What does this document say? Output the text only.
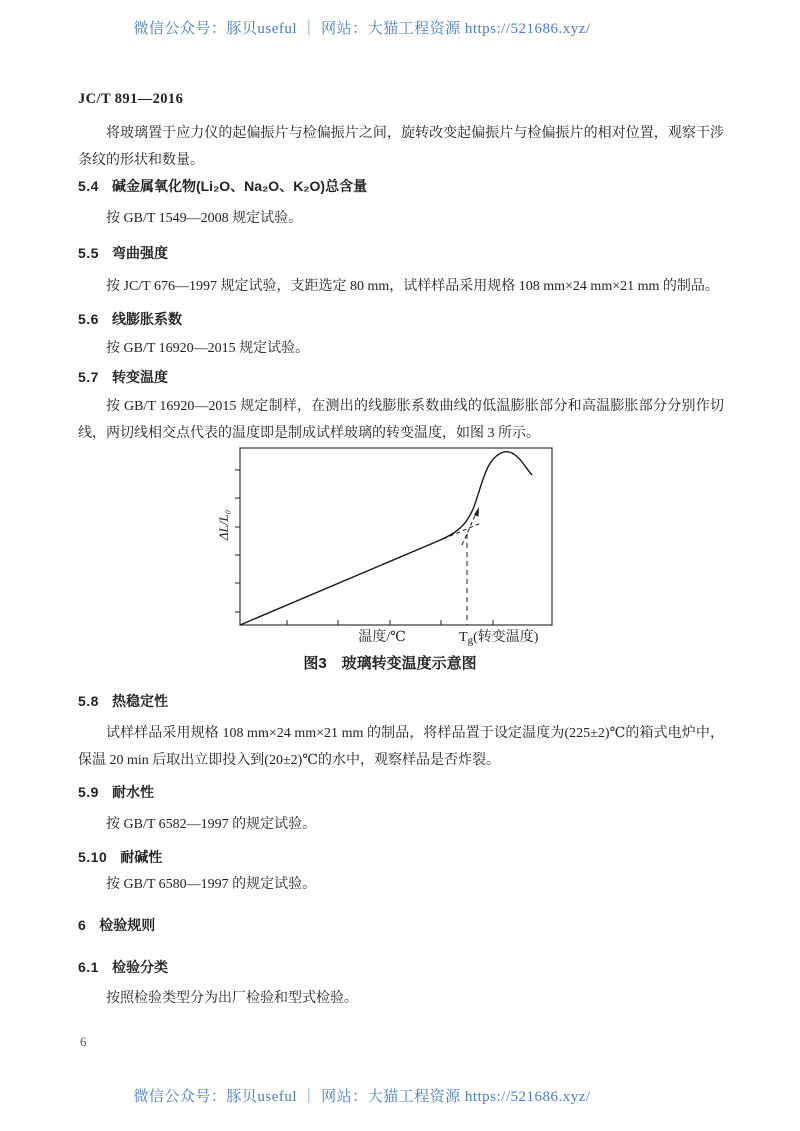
微信公众号：豚贝useful ｜ 网站：大猫工程资源 https://521686.xyz/
JC/T 891—2016
将玻璃置于应力仪的起偏振片与检偏振片之间，旋转改变起偏振片与检偏振片的相对位置，观察干涉条纹的形状和数量。
5.4 碱金属氧化物(Li₂O、Na₂O、K₂O)总含量
按 GB/T 1549—2008 规定试验。
5.5 弯曲强度
按 JC/T 676—1997 规定试验，支距选定 80 mm，试样样品采用规格 108 mm×24 mm×21 mm 的制品。
5.6 线膨胀系数
按 GB/T 16920—2015 规定试验。
5.7 转变温度
按 GB/T 16920—2015 规定制样，在测出的线膨胀系数曲线的低温膨胀部分和高温膨胀部分分别作切线，两切线相交点代表的温度即是制成试样玻璃的转变温度，如图 3 所示。
5.8 热稳定性
试样样品采用规格 108 mm×24 mm×21 mm 的制品，将样品置于设定温度为(225±2)℃的箱式电炉中，保温 20 min 后取出立即投入到(20±2)℃的水中，观察样品是否炸裂。
5.9 耐水性
按 GB/T 6582—1997 的规定试验。
5.10 耐碱性
按 GB/T 6580—1997 的规定试验。
6 检验规则
6.1 检验分类
按照检验类型分为出厂检验和型式检验。
ΔL/L₀
温度/℃	Tg(转变温度)
图3　玻璃转变温度示意图
6
微信公众号：豚贝useful ｜ 网站：大猫工程资源 https://521686.xyz/
